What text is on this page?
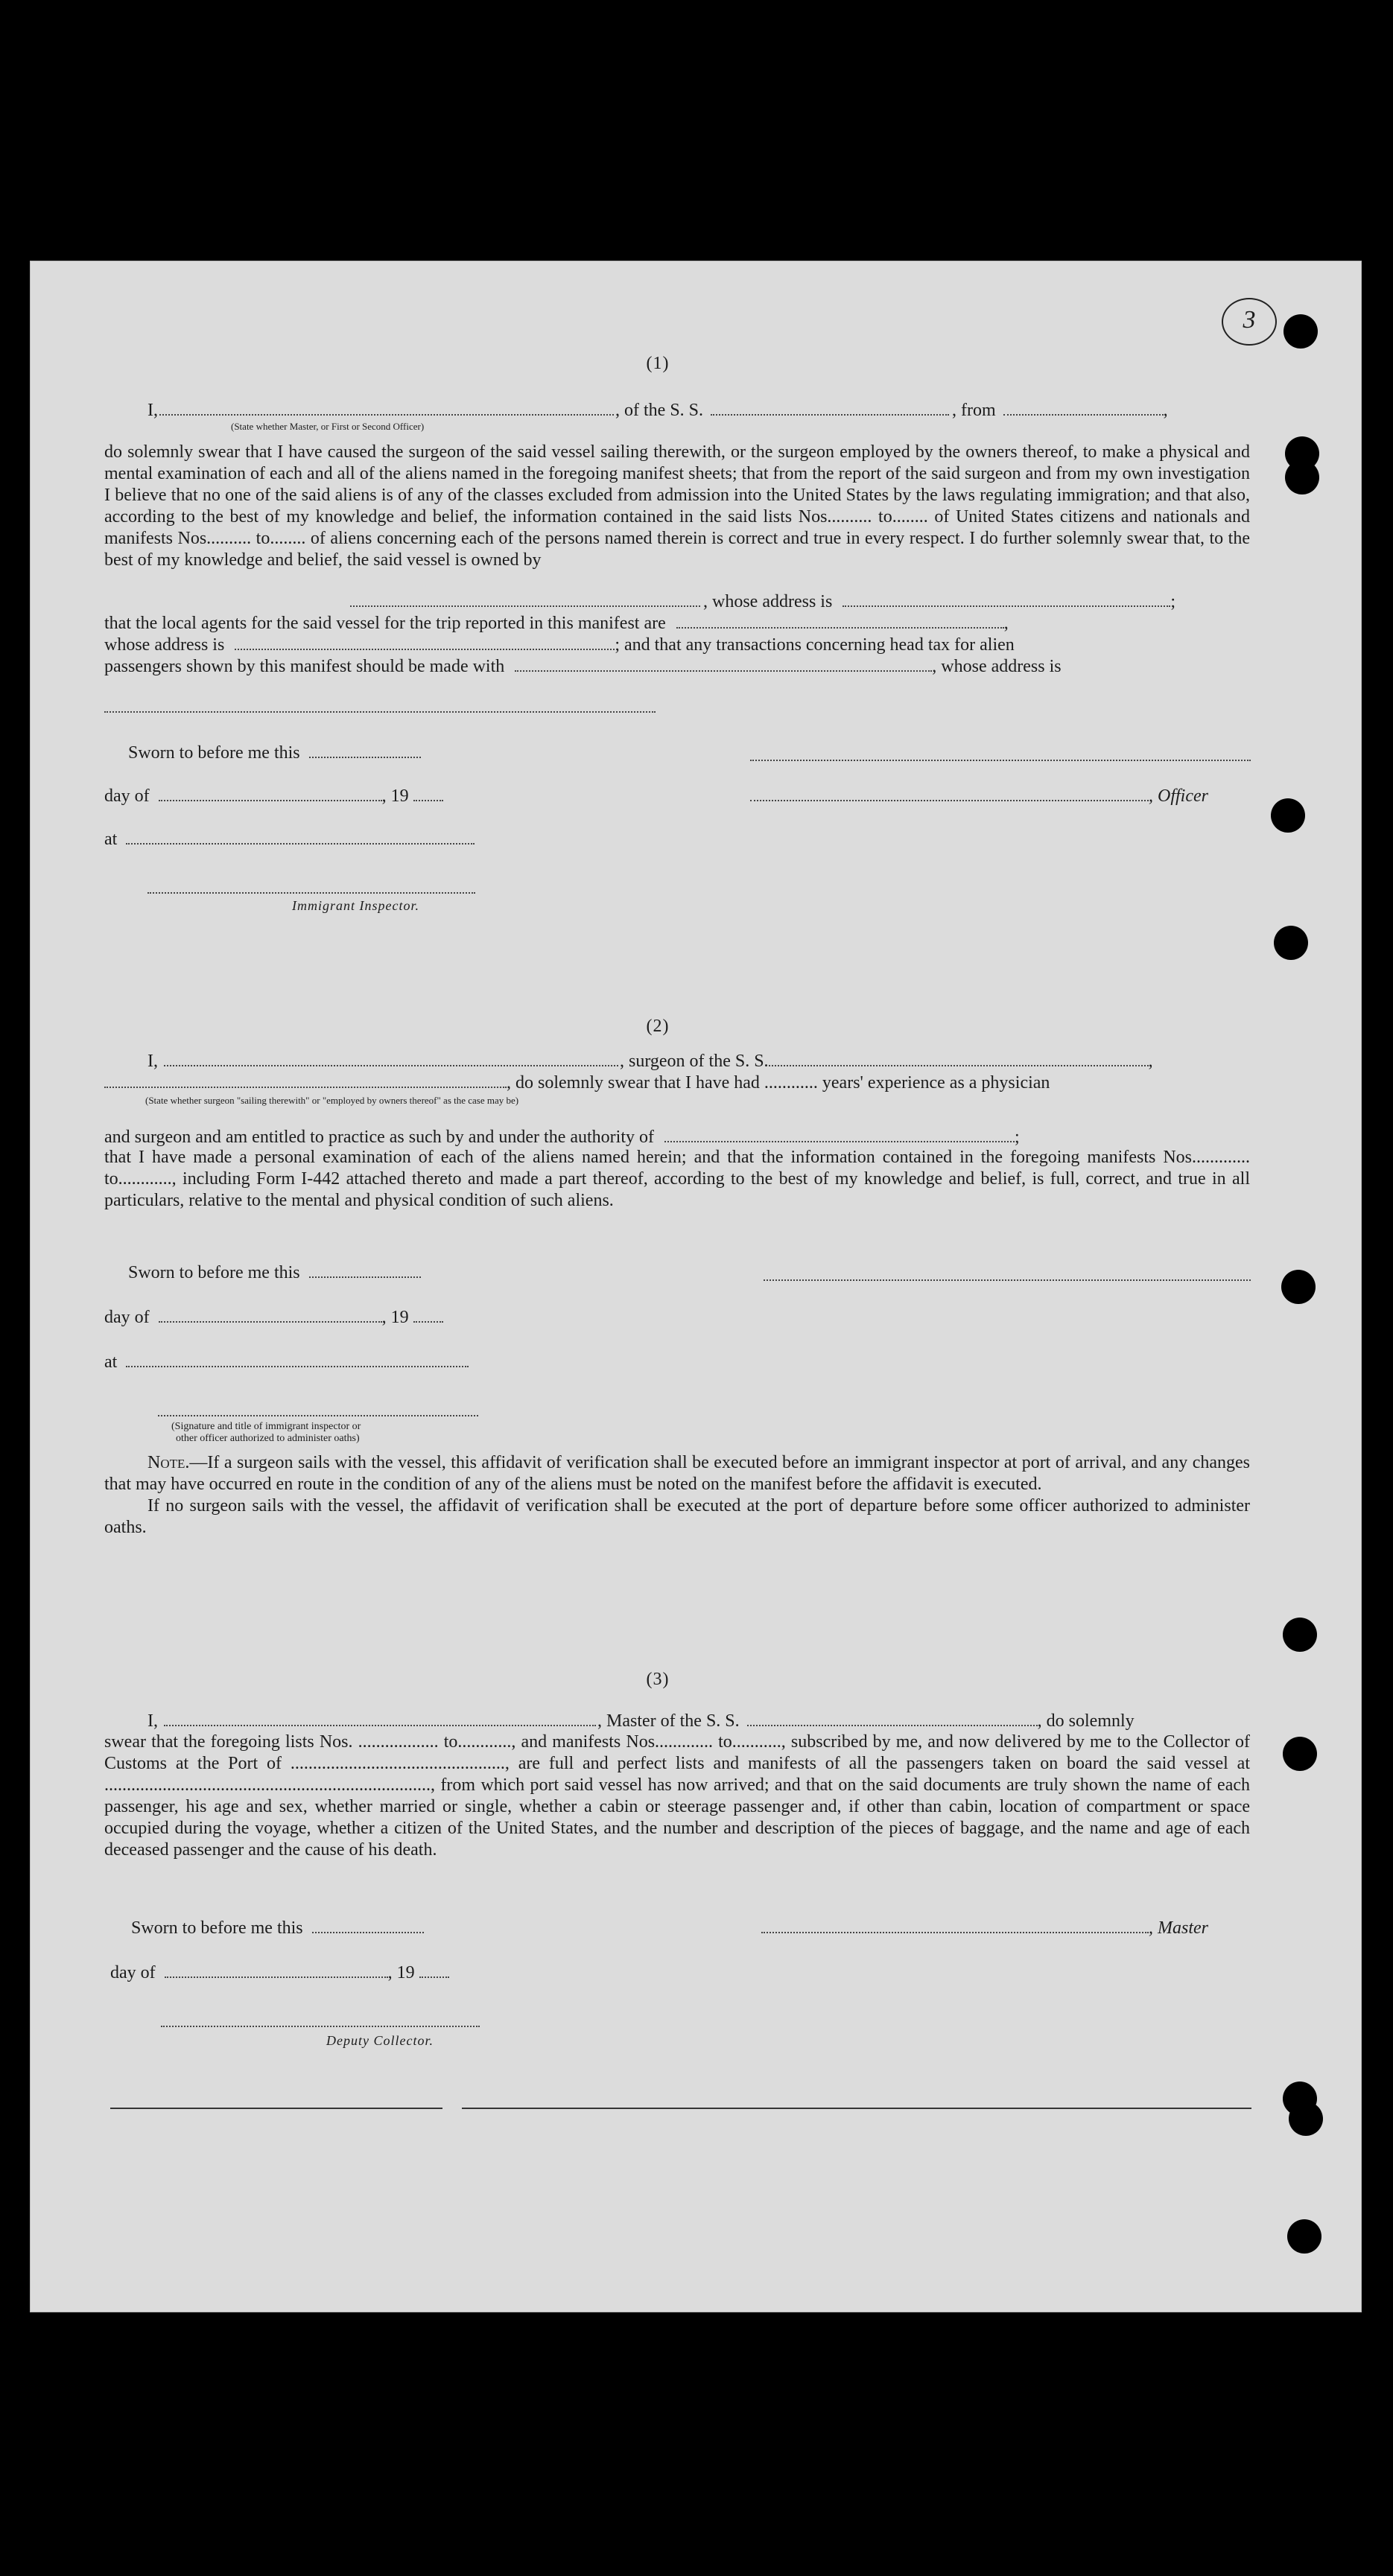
3
(1)
I,	, of the S. S.	, from	,
(State whether Master, or First or Second Officer)

do solemnly swear that I have caused the surgeon of the said vessel sailing therewith, or the surgeon employed by the owners thereof, to make a physical and mental examination of each and all of the aliens named in the foregoing manifest sheets; that from the report of the said surgeon and from my own investigation I believe that no one of the said aliens is of any of the classes excluded from admission into the United States by the laws regulating immigration; and that also, according to the best of my knowledge and belief, the information contained in the said lists Nos.......... to........ of United States citizens and nationals and manifests Nos.......... to........ of aliens concerning each of the persons named therein is correct and true in every respect. I do further solemnly swear that, to the best of my knowledge and belief, the said vessel is owned by

, whose address is	;
that the local agents for the said vessel for the trip reported in this manifest are	,
whose address is	; and that any transactions concerning head tax for alien
passengers shown by this manifest should be made with	, whose address is
Sworn to before me this
day of	, 19	, Officer
at
Immigrant Inspector.
(2)
I,	, surgeon of the S. S.	,
, do solemnly swear that I have had ............ years' experience as a physician
(State whether surgeon "sailing therewith" or "employed by owners thereof" as the case may be)
and surgeon and am entitled to practice as such by and under the authority of	;

that I have made a personal examination of each of the aliens named herein; and that the information contained in the foregoing manifests Nos............. to............, including Form I-442 attached thereto and made a part thereof, according to the best of my knowledge and belief, is full, correct, and true in all particulars, relative to the mental and physical condition of such aliens.

Sworn to before me this
day of	, 19
at
(Signature and title of immigrant inspector or
other officer authorized to administer oaths)

Note.—If a surgeon sails with the vessel, this affidavit of verification shall be executed before an immigrant inspector at port of arrival, and any changes that may have occurred en route in the condition of any of the aliens must be noted on the manifest before the affidavit is executed.

If no surgeon sails with the vessel, the affidavit of verification shall be executed at the port of departure before some officer authorized to administer oaths.

(3)
I,	, Master of the S. S.	, do solemnly

swear that the foregoing lists Nos. .................. to............, and manifests Nos............. to..........., subscribed by me, and now delivered by me to the Collector of Customs at the Port of ................................................, are full and perfect lists and manifests of all the passengers taken on board the said vessel at ........................................................................., from which port said vessel has now arrived; and that on the said documents are truly shown the name of each passenger, his age and sex, whether married or single, whether a cabin or steerage passenger and, if other than cabin, location of compartment or space occupied during the voyage, whether a citizen of the United States, and the number and description of the pieces of baggage, and the name and age of each deceased passenger and the cause of his death.

Sworn to before me this	, Master
day of	, 19
Deputy Collector.
